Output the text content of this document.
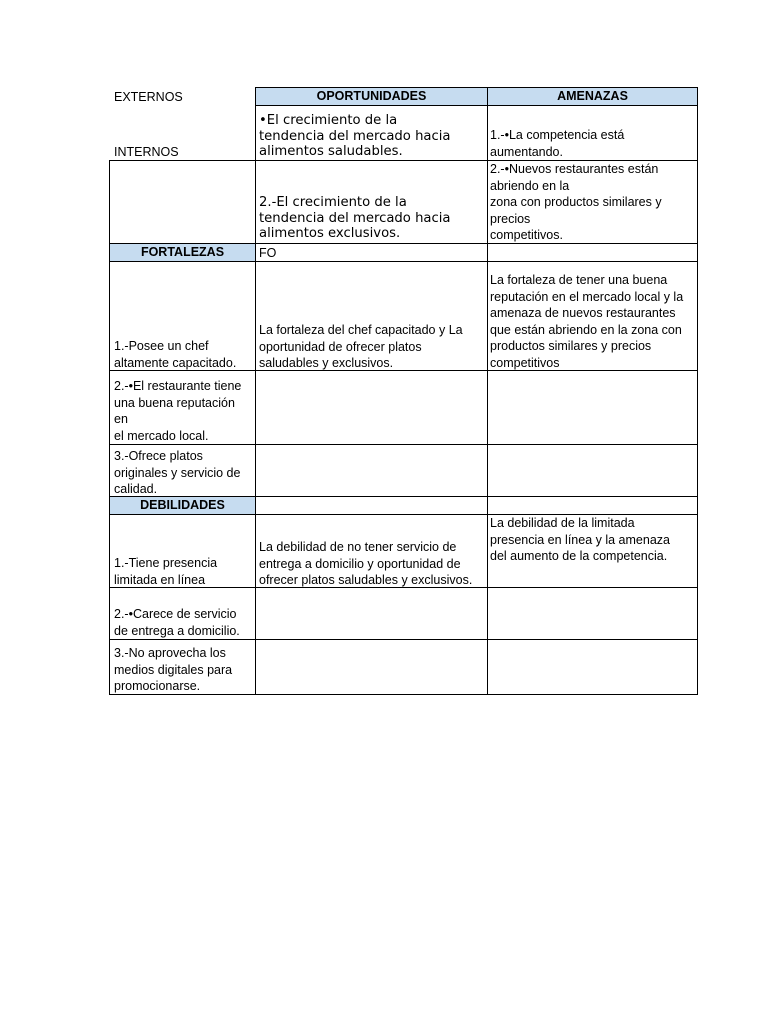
OPORTUNIDADES	AMENAZAS
FORTALEZAS
DEBILIDADES
EXTERNOS
INTERNOS
•El crecimiento de la
tendencia del mercado hacia
alimentos saludables.
2.-El crecimiento de la
tendencia del mercado hacia
alimentos exclusivos.
1.-•La competencia está
aumentando.
2.-•Nuevos restaurantes están
abriendo en la
zona con productos similares y
precios
competitivos.
FO
1.-Posee un chef
altamente capacitado.
La fortaleza del chef capacitado y La
oportunidad de ofrecer platos
saludables y exclusivos.
La fortaleza de tener una buena
reputación en el mercado local y la
amenaza de nuevos restaurantes
que están abriendo en la zona con
productos similares y precios
competitivos
2.-•El restaurante tiene
una buena reputación
en
el mercado local.
3.-Ofrece platos
originales y servicio de
calidad.
1.-Tiene presencia
limitada en línea
La debilidad de no tener servicio de
entrega a domicilio y oportunidad de
ofrecer platos saludables y exclusivos.
La debilidad de la limitada
presencia en línea y la amenaza
del aumento de la competencia.
2.-•Carece de servicio
de entrega a domicilio.
3.-No aprovecha los
medios digitales para
promocionarse.
